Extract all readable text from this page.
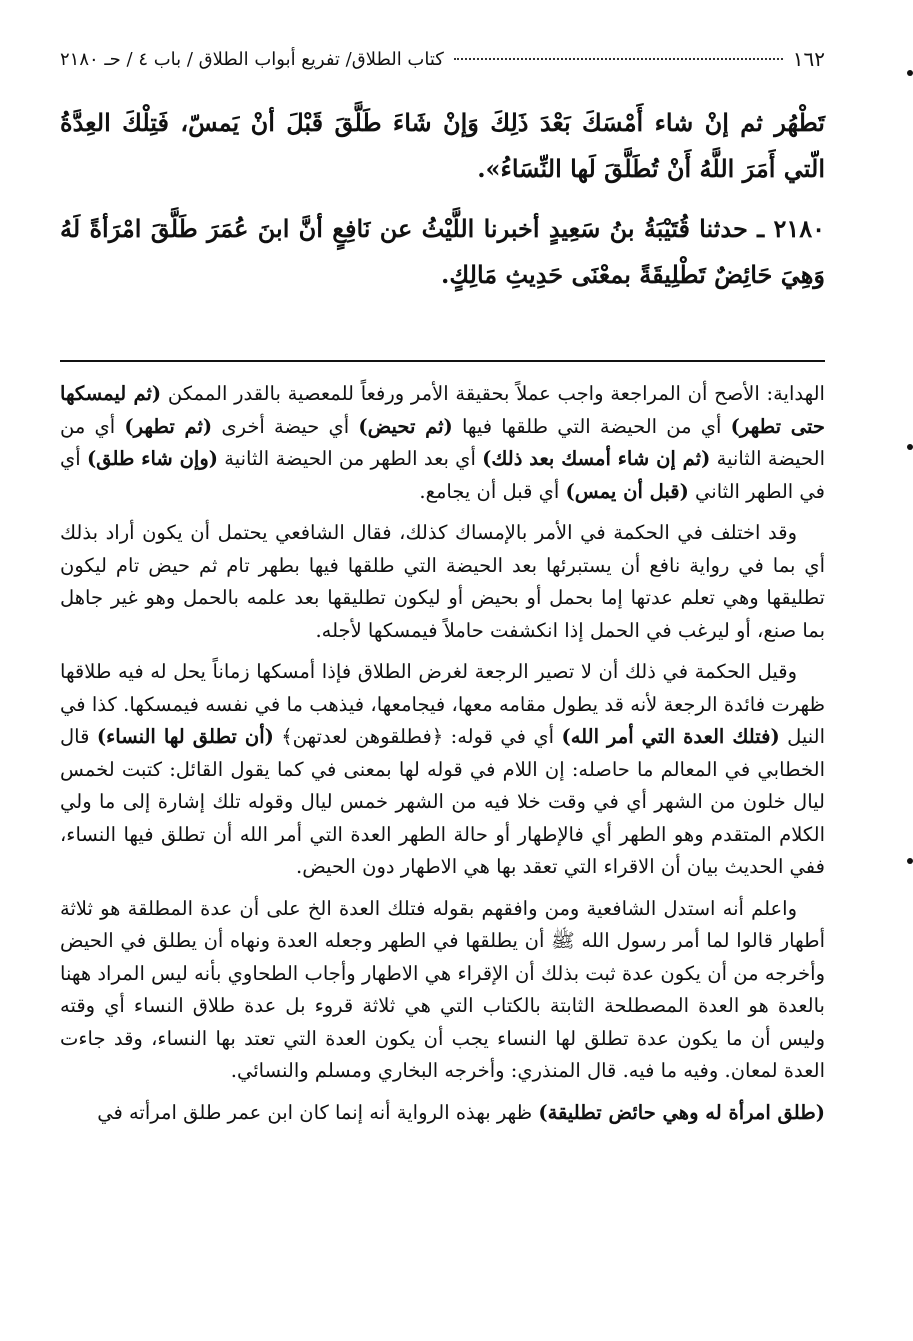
١٦٢
كتاب الطلاق/ تفريع أبواب الطلاق / باب ٤ / حـ ٢١٨٠

تَطْهُر ثم إنْ شاء أَمْسَكَ بَعْدَ ذَلِكَ وَإنْ شَاءَ طَلَّقَ قَبْلَ أنْ يَمسّ، فَتِلْكَ العِدَّةُ الّتي أَمَرَ اللَّهُ أَنْ تُطَلَّقَ لَها النِّسَاءُ».

٢١٨٠ ـ حدثنا قُتَيْبَةُ بنُ سَعِيدٍ أخبرنا اللَّيْثُ عن نَافِعٍ أنَّ ابنَ عُمَرَ طَلَّقَ امْرَأةً لَهُ وَهِيَ حَائِضٌ تَطْلِيقَةً بمعْنَى حَدِيثِ مَالِكٍ.

الهداية: الأصح أن المراجعة واجب عملاً بحقيقة الأمر ورفعاً للمعصية بالقدر الممكن (ثم ليمسكها حتى تطهر) أي من الحيضة التي طلقها فيها (ثم تحيض) أي حيضة أخرى (ثم تطهر) أي من الحيضة الثانية (ثم إن شاء أمسك بعد ذلك) أي بعد الطهر من الحيضة الثانية (وإن شاء طلق) أي في الطهر الثاني (قبل أن يمس) أي قبل أن يجامع.

وقد اختلف في الحكمة في الأمر بالإمساك كذلك، فقال الشافعي يحتمل أن يكون أراد بذلك أي بما في رواية نافع أن يستبرئها بعد الحيضة التي طلقها فيها بطهر تام ثم حيض تام ليكون تطليقها وهي تعلم عدتها إما بحمل أو بحيض أو ليكون تطليقها بعد علمه بالحمل وهو غير جاهل بما صنع، أو ليرغب في الحمل إذا انكشفت حاملاً فيمسكها لأجله.

وقيل الحكمة في ذلك أن لا تصير الرجعة لغرض الطلاق فإذا أمسكها زماناً يحل له فيه طلاقها ظهرت فائدة الرجعة لأنه قد يطول مقامه معها، فيجامعها، فيذهب ما في نفسه فيمسكها. كذا في النيل (فتلك العدة التي أمر الله) أي في قوله: ﴿فطلقوهن لعدتهن﴾ (أن تطلق لها النساء) قال الخطابي في المعالم ما حاصله: إن اللام في قوله لها بمعنى في كما يقول القائل: كتبت لخمس ليال خلون من الشهر أي في وقت خلا فيه من الشهر خمس ليال وقوله تلك إشارة إلى ما ولي الكلام المتقدم وهو الطهر أي فالإطهار أو حالة الطهر العدة التي أمر الله أن تطلق فيها النساء، ففي الحديث بيان أن الاقراء التي تعقد بها هي الاطهار دون الحيض.

واعلم أنه استدل الشافعية ومن وافقهم بقوله فتلك العدة الخ على أن عدة المطلقة هو ثلاثة أطهار قالوا لما أمر رسول الله ﷺ أن يطلقها في الطهر وجعله العدة ونهاه أن يطلق في الحيض وأخرجه من أن يكون عدة ثبت بذلك أن الإقراء هي الاطهار وأجاب الطحاوي بأنه ليس المراد ههنا بالعدة هو العدة المصطلحة الثابتة بالكتاب التي هي ثلاثة قروء بل عدة طلاق النساء أي وقته وليس أن ما يكون عدة تطلق لها النساء يجب أن يكون العدة التي تعتد بها النساء، وقد جاءت العدة لمعان. وفيه ما فيه. قال المنذري: وأخرجه البخاري ومسلم والنسائي.

(طلق امرأة له وهي حائض تطليقة) ظهر بهذه الرواية أنه إنما كان ابن عمر طلق امرأته في
